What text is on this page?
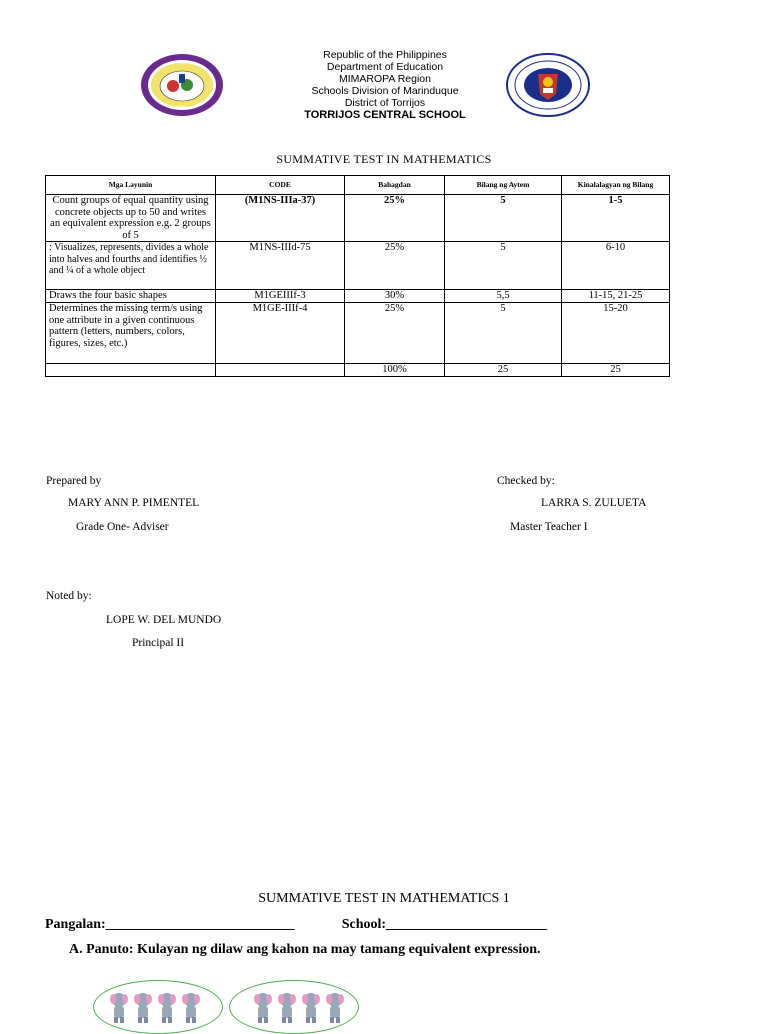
1903
Republic of the Philippines
Department of Education
MIMAROPA Region
Schools Division of Marinduque
District of Torrijos
TORRIJOS CENTRAL SCHOOL
SUMMATIVE TEST IN MATHEMATICS
Mga Layunin	CODE	Bahagdan	Bilang ng Aytem	Kinalalagyan ng Bilang
Count groups of equal quantity using concrete objects up to 50 and writes an equivalent expression e.g. 2 groups of 5	(M1NS-IIIa-37)	25%	5	1-5
: Visualizes, represents, divides a whole into halves and fourths and identifies ½ and ¼ of a whole object	M1NS-IIId-75	25%	5	6-10
Draws the four basic shapes	M1GEIIIf-3	30%	5,5	11-15, 21-25
Determines the missing term/s using one attribute in a given continuous pattern (letters, numbers, colors, figures, sizes, etc.)	M1GE-IIIf-4	25%	5	15-20
		100%	25	25
Prepared by
MARY ANN P. PIMENTEL
Grade One- Adviser
Checked by:
LARRA S. ZULUETA
Master Teacher I
Noted by:
LOPE W. DEL MUNDO
Principal II
SUMMATIVE TEST IN MATHEMATICS 1
Pangalan:___________________________	School:_______________________
A. Panuto: Kulayan ng dilaw ang kahon na may tamang equivalent expression.
